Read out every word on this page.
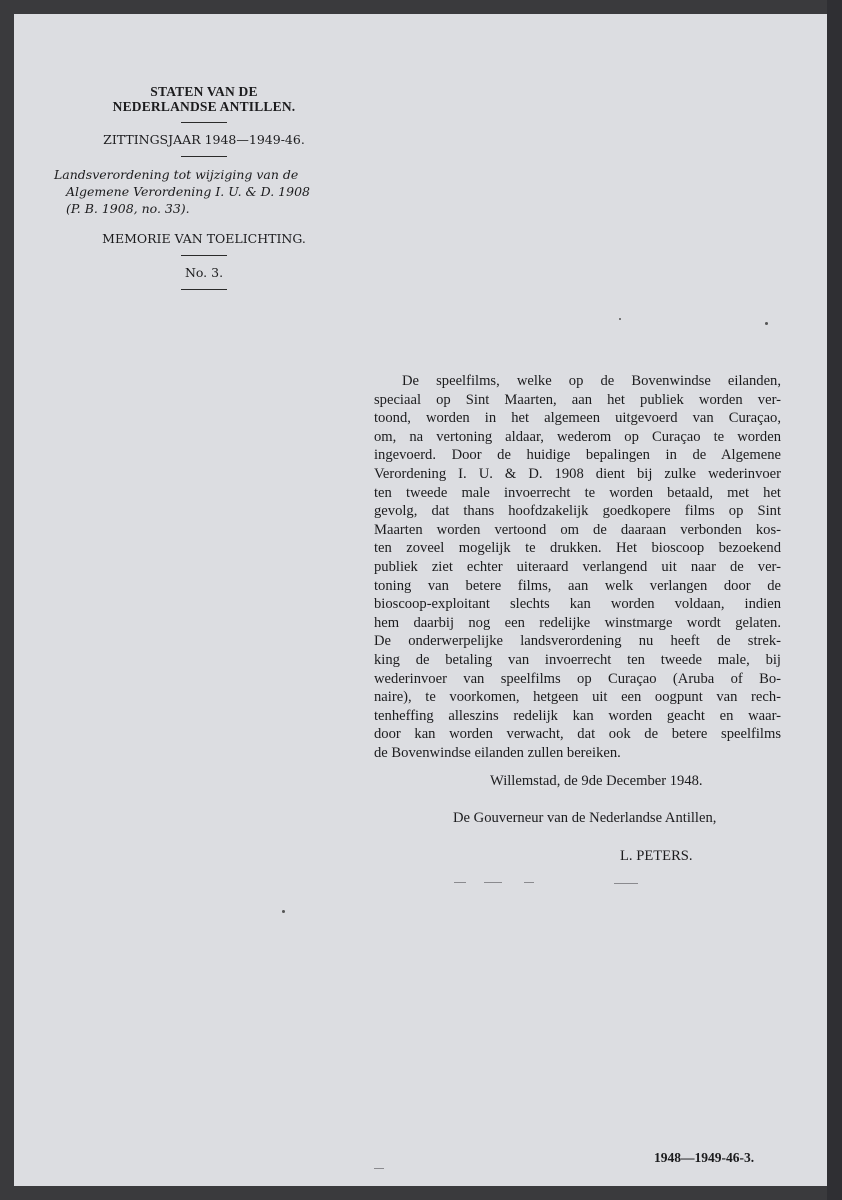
STATEN VAN DE
NEDERLANDSE ANTILLEN.
ZITTINGSJAAR 1948—1949-46.
Landsverordening tot wijziging van de
Algemene Verordening I. U. & D. 1908
(P. B. 1908, no. 33).
MEMORIE VAN TOELICHTING.
No. 3.
De speelfilms, welke op de Bovenwindse eilanden,
speciaal op Sint Maarten, aan het publiek worden ver-
toond, worden in het algemeen uitgevoerd van Curaçao,
om, na vertoning aldaar, wederom op Curaçao te worden
ingevoerd. Door de huidige bepalingen in de Algemene
Verordening I. U. & D. 1908 dient bij zulke wederinvoer
ten tweede male invoerrecht te worden betaald, met het
gevolg, dat thans hoofdzakelijk goedkopere films op Sint
Maarten worden vertoond om de daaraan verbonden kos-
ten zoveel mogelijk te drukken. Het bioscoop bezoekend
publiek ziet echter uiteraard verlangend uit naar de ver-
toning van betere films, aan welk verlangen door de
bioscoop-exploitant slechts kan worden voldaan, indien
hem daarbij nog een redelijke winstmarge wordt gelaten.
De onderwerpelijke landsverordening nu heeft de strek-
king de betaling van invoerrecht ten tweede male, bij
wederinvoer van speelfilms op Curaçao (Aruba of Bo-
naire), te voorkomen, hetgeen uit een oogpunt van rech-
tenheffing alleszins redelijk kan worden geacht en waar-
door kan worden verwacht, dat ook de betere speelfilms
de Bovenwindse eilanden zullen bereiken.
Willemstad, de 9de December 1948.
De Gouverneur van de Nederlandse Antillen,
L. PETERS.
1948—1949-46-3.
